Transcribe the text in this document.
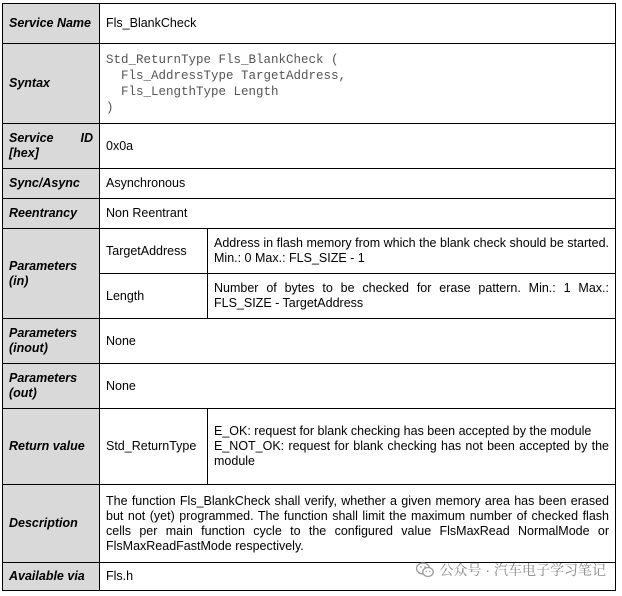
Service Name	Fls_BlankCheck	
Syntax	Std_ReturnType Fls_BlankCheck (
Fls_AddressType TargetAddress,
Fls_LengthType Length
)	

Service ID
[hex]	0x0a	
Sync/Async	Asynchronous	
Reentrancy	Non Reentrant	
Parameters (in)	TargetAddress	Address in flash memory from which the blank check should be started. Min.: 0 Max.: FLS_SIZE - 1
	Length	Number of bytes to be checked for erase pattern. Min.: 1 Max.: FLS_SIZE - TargetAddress
Parameters (inout)	None	
Parameters (out)	None	
Return value	Std_ReturnType	E_OK: request for blank checking has been accepted by the module
E_NOT_OK: request for blank checking has not been accepted by the module

Description	The function Fls_BlankCheck shall verify, whether a given memory area has been erased but not (yet) programmed. The function shall limit the maximum number of checked flash cells per main function cycle to the configured value FlsMaxRead NormalMode or FlsMaxReadFastMode respectively.	
Available via	Fls.h		公众号 · 汽车电子学习笔记
